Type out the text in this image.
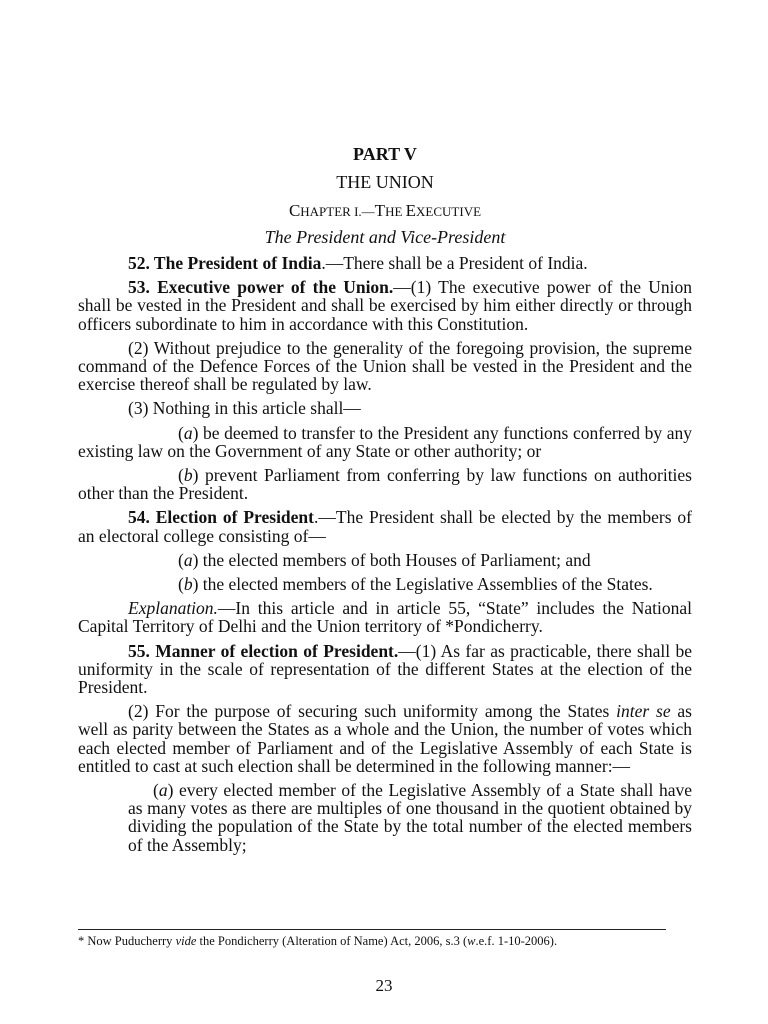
PART V
THE UNION
CHAPTER I.—THE EXECUTIVE
The President and Vice-President

52. The President of India.—There shall be a President of India.

53. Executive power of the Union.—(1) The executive power of the Union shall be vested in the President and shall be exercised by him either directly or through officers subordinate to him in accordance with this Constitution.

(2) Without prejudice to the generality of the foregoing provision, the supreme command of the Defence Forces of the Union shall be vested in the President and the exercise thereof shall be regulated by law.

(3) Nothing in this article shall—

(a) be deemed to transfer to the President any functions conferred by any existing law on the Government of any State or other authority; or

(b) prevent Parliament from conferring by law functions on authorities other than the President.

54. Election of President.—The President shall be elected by the members of an electoral college consisting of—

(a) the elected members of both Houses of Parliament; and

(b) the elected members of the Legislative Assemblies of the States.

Explanation.—In this article and in article 55, “State” includes the National Capital Territory of Delhi and the Union territory of *Pondicherry.

55. Manner of election of President.—(1) As far as practicable, there shall be uniformity in the scale of representation of the different States at the election of the President.

(2) For the purpose of securing such uniformity among the States inter se as well as parity between the States as a whole and the Union, the number of votes which each elected member of Parliament and of the Legislative Assembly of each State is entitled to cast at such election shall be determined in the following manner:—

(a) every elected member of the Legislative Assembly of a State shall have as many votes as there are multiples of one thousand in the quotient obtained by dividing the population of the State by the total number of the elected members of the Assembly;

* Now Puducherry vide the Pondicherry (Alteration of Name) Act, 2006, s.3 (w.e.f. 1-10-2006).
23
